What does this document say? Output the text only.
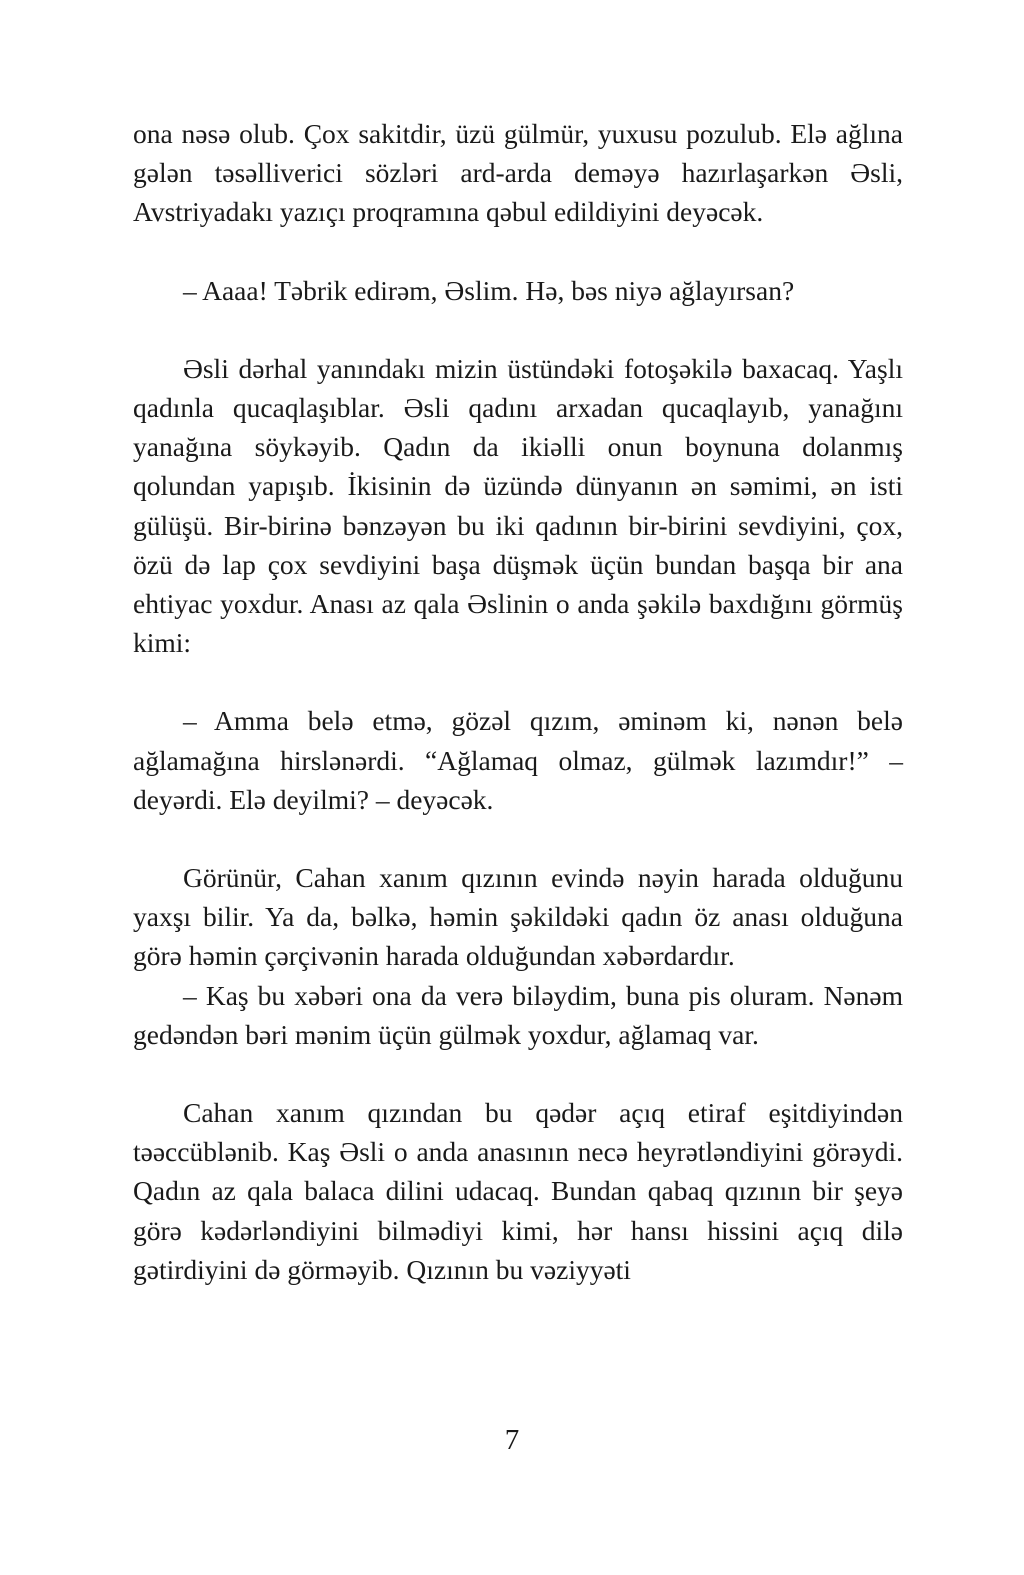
ona nəsə olub. Çox sakitdir, üzü gülmür, yuxusu pozulub. Elə ağlına gələn təsəlliverici sözləri ard-arda deməyə hazırlaşarkən Əsli, Avstriyadakı yazıçı proqramına qəbul edildiyini deyəcək.

– Aaaa! Təbrik edirəm, Əslim. Hə, bəs niyə ağlayırsan?

Əsli dərhal yanındakı mizin üstündəki fotoşəkilə baxacaq. Yaşlı qadınla qucaqlaşıblar. Əsli qadını arxadan qucaqlayıb, yanağını yanağına söykəyib. Qadın da ikiəlli onun boynuna dolanmış qolundan yapışıb. İkisinin də üzündə dünyanın ən səmimi, ən isti gülüşü. Bir-birinə bənzəyən bu iki qadının bir-birini sevdiyini, çox, özü də lap çox sevdiyini başa düşmək üçün bundan başqa bir ana ehtiyac yoxdur. Anası az qala Əslinin o anda şəkilə baxdığını görmüş kimi:

– Amma belə etmə, gözəl qızım, əminəm ki, nənən belə ağlamağına hirslənərdi. “Ağlamaq olmaz, gülmək lazımdır!” – deyərdi. Elə deyilmi? – deyəcək.

Görünür, Cahan xanım qızının evində nəyin harada olduğunu yaxşı bilir. Ya da, bəlkə, həmin şəkildəki qadın öz anası olduğuna görə həmin çərçivənin harada olduğundan xəbərdardır.

– Kaş bu xəbəri ona da verə biləydim, buna pis oluram. Nənəm gedəndən bəri mənim üçün gülmək yoxdur, ağlamaq var.

Cahan xanım qızından bu qədər açıq etiraf eşitdiyindən təəccüblənib. Kaş Əsli o anda anasının necə heyrətləndiyini görəydi. Qadın az qala balaca dilini udacaq. Bundan qabaq qızının bir şeyə görə kədərləndiyini bilmədiyi kimi, hər hansı hissini açıq dilə gətirdiyini də görməyib. Qızının bu vəziyyəti

7
